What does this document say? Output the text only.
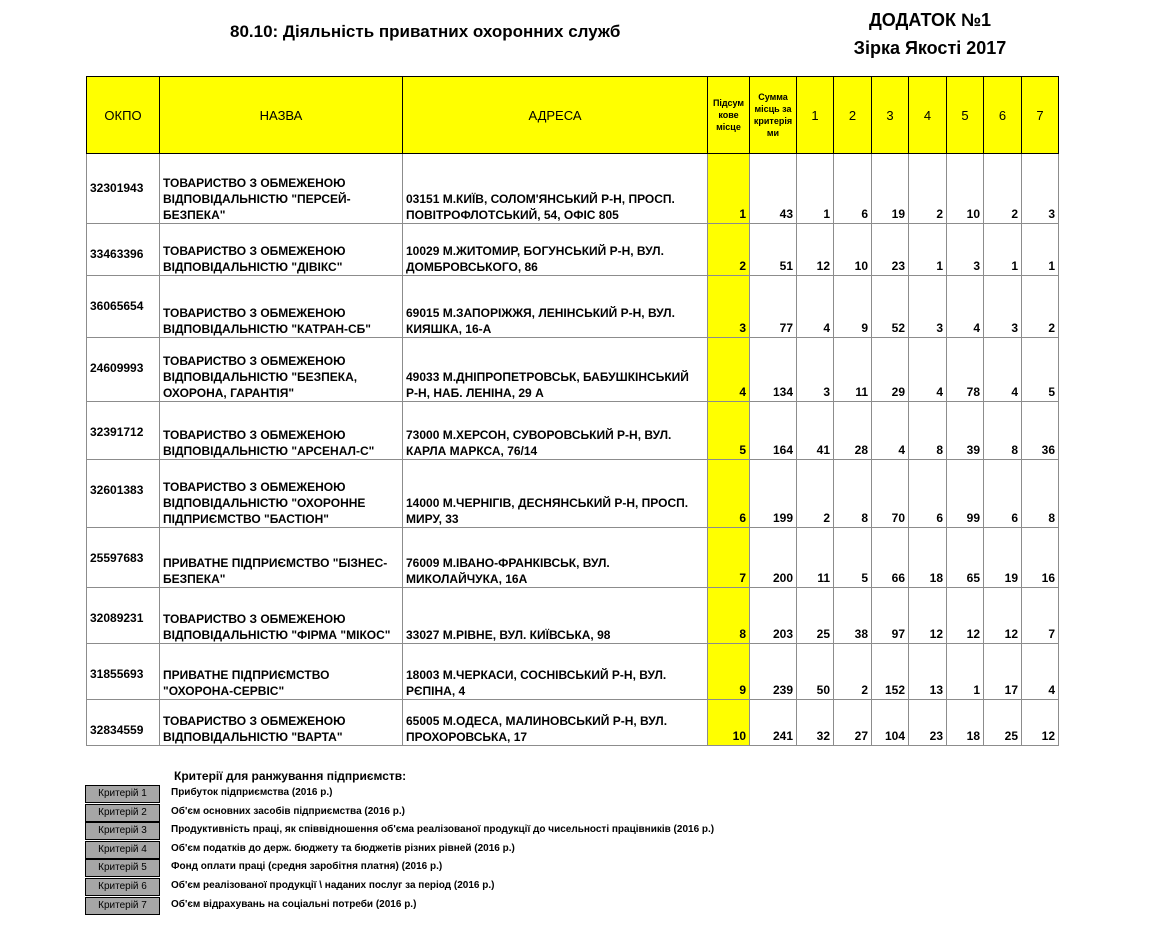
80.10: Діяльність приватних охоронних служб
ДОДАТОК №1
Зірка Якості 2017
ОКПО	НАЗВА	АДРЕСА	Підсум кове місце	Сумма місць за критерія ми	1	2	3	4	5	6	7
32301943	ТОВАРИСТВО З ОБМЕЖЕНОЮ ВІДПОВІДАЛЬНІСТЮ "ПЕРСЕЙ-БЕЗПЕКА"	03151 М.КИЇВ, СОЛОМ'ЯНСЬКИЙ Р-Н, ПРОСП. ПОВІТРОФЛОТСЬКИЙ, 54, ОФІС 805	1	43	1	6	19	2	10	2	3
33463396	ТОВАРИСТВО З ОБМЕЖЕНОЮ ВІДПОВІДАЛЬНІСТЮ "ДІВІКС"	10029 М.ЖИТОМИР, БОГУНСЬКИЙ Р-Н, ВУЛ. ДОМБРОВСЬКОГО, 86	2	51	12	10	23	1	3	1	1
36065654	ТОВАРИСТВО З ОБМЕЖЕНОЮ ВІДПОВІДАЛЬНІСТЮ "КАТРАН-СБ"	69015 М.ЗАПОРІЖЖЯ, ЛЕНІНСЬКИЙ Р-Н, ВУЛ. КИЯШКА, 16-А	3	77	4	9	52	3	4	3	2
24609993	ТОВАРИСТВО З ОБМЕЖЕНОЮ ВІДПОВІДАЛЬНІСТЮ "БЕЗПЕКА, ОХОРОНА, ГАРАНТІЯ"	49033 М.ДНІПРОПЕТРОВСЬК, БАБУШКІНСЬКИЙ Р-Н, НАБ. ЛЕНІНА, 29 А	4	134	3	11	29	4	78	4	5
32391712	ТОВАРИСТВО З ОБМЕЖЕНОЮ ВІДПОВІДАЛЬНІСТЮ "АРСЕНАЛ-С"	73000 М.ХЕРСОН, СУВОРОВСЬКИЙ Р-Н, ВУЛ. КАРЛА МАРКСА, 76/14	5	164	41	28	4	8	39	8	36
32601383	ТОВАРИСТВО З ОБМЕЖЕНОЮ ВІДПОВІДАЛЬНІСТЮ "ОХОРОННЕ ПІДПРИЄМСТВО "БАСТІОН"	14000 М.ЧЕРНІГІВ, ДЕСНЯНСЬКИЙ Р-Н, ПРОСП. МИРУ, 33	6	199	2	8	70	6	99	6	8
25597683	ПРИВАТНЕ ПІДПРИЄМСТВО "БІЗНЕС-БЕЗПЕКА"	76009 М.ІВАНО-ФРАНКІВСЬК, ВУЛ. МИКОЛАЙЧУКА, 16А	7	200	11	5	66	18	65	19	16
32089231	ТОВАРИСТВО З ОБМЕЖЕНОЮ ВІДПОВІДАЛЬНІСТЮ "ФІРМА "МІКОС"	33027 М.РІВНЕ, ВУЛ. КИЇВСЬКА, 98	8	203	25	38	97	12	12	12	7
31855693	ПРИВАТНЕ ПІДПРИЄМСТВО "ОХОРОНА-СЕРВІС"	18003 М.ЧЕРКАСИ, СОСНІВСЬКИЙ Р-Н, ВУЛ. РЄПІНА, 4	9	239	50	2	152	13	1	17	4
32834559	ТОВАРИСТВО З ОБМЕЖЕНОЮ ВІДПОВІДАЛЬНІСТЮ "ВАРТА"	65005 М.ОДЕСА, МАЛИНОВСЬКИЙ Р-Н, ВУЛ. ПРОХОРОВСЬКА, 17	10	241	32	27	104	23	18	25	12
Критерії для ранжування підприємств:
Критерій 1	Прибуток підприємства (2016 р.)
Критерій 2	Об'єм основних засобів підприємства (2016 р.)
Критерій 3	Продуктивність праці, як співвідношення об'єма реалізованої продукції до чисельності працівників (2016 р.)
Критерій 4	Об'єм податків до держ. бюджету та бюджетів різних рівней (2016 р.)
Критерій 5	Фонд оплати праці (средня заробітня платня) (2016 р.)
Критерій 6	Об'єм реалізованої продукції \ наданих послуг за період (2016 р.)
Критерій 7	Об'єм відрахувань на соціальні потреби (2016 р.)
